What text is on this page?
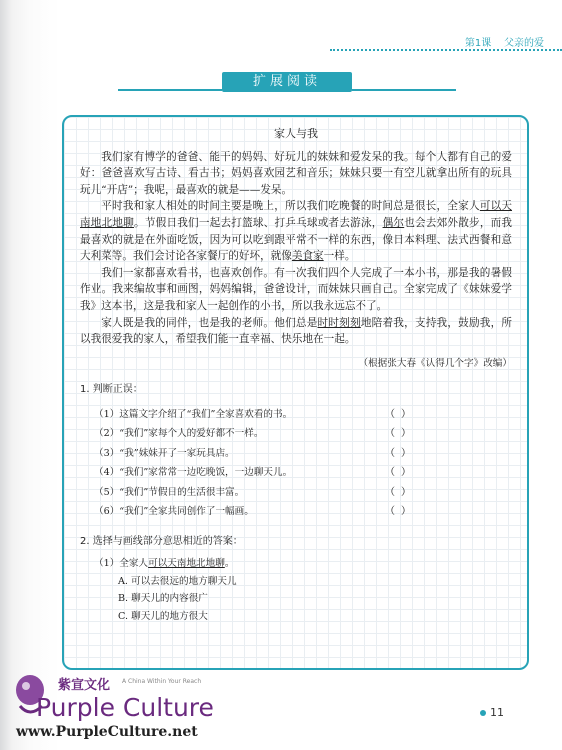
第1课 父亲的爱
扩展阅读
家人与我

我们家有博学的爸爸、能干的妈妈、好玩儿的妹妹和爱发呆的我。每个人都有自己的爱好：爸爸喜欢写古诗、看古书；妈妈喜欢园艺和音乐；妹妹只要一有空儿就拿出所有的玩具玩儿“开店”；我呢，最喜欢的就是——发呆。

平时我和家人相处的时间主要是晚上，所以我们吃晚餐的时间总是很长，全家人可以天南地北地聊。节假日我们一起去打篮球、打乒乓球或者去游泳，偶尔也会去郊外散步，而我最喜欢的就是在外面吃饭，因为可以吃到跟平常不一样的东西，像日本料理、法式西餐和意大利菜等。我们会讨论各家餐厅的好坏，就像美食家一样。

我们一家都喜欢看书，也喜欢创作。有一次我们四个人完成了一本小书，那是我的暑假作业。我来编故事和画图，妈妈编辑，爸爸设计，而妹妹只画自己。全家完成了《妹妹爱学我》这本书，这是我和家人一起创作的小书，所以我永远忘不了。

家人既是我的同伴，也是我的老师。他们总是时时刻刻地陪着我，支持我，鼓励我，所以我很爱我的家人，希望我们能一直幸福、快乐地在一起。

（根据张大春《认得几个字》改编）
1. 判断正误：
（1）这篇文字介绍了“我们”全家喜欢看的书。	（ ）
（2）“我们”家每个人的爱好都不一样。	（ ）
（3）“我”妹妹开了一家玩具店。	（ ）
（4）“我们”家常常一边吃晚饭，一边聊天儿。	（ ）
（5）“我们”节假日的生活很丰富。	（ ）
（6）“我们”全家共同创作了一幅画。	（ ）
2. 选择与画线部分意思相近的答案：
（1）全家人可以天南地北地聊。
A. 可以去很远的地方聊天儿
B. 聊天儿的内容很广
C. 聊天儿的地方很大
紫宣文化 A China Within Your Reach
Purple Culture
www.PurpleCulture.net
11
